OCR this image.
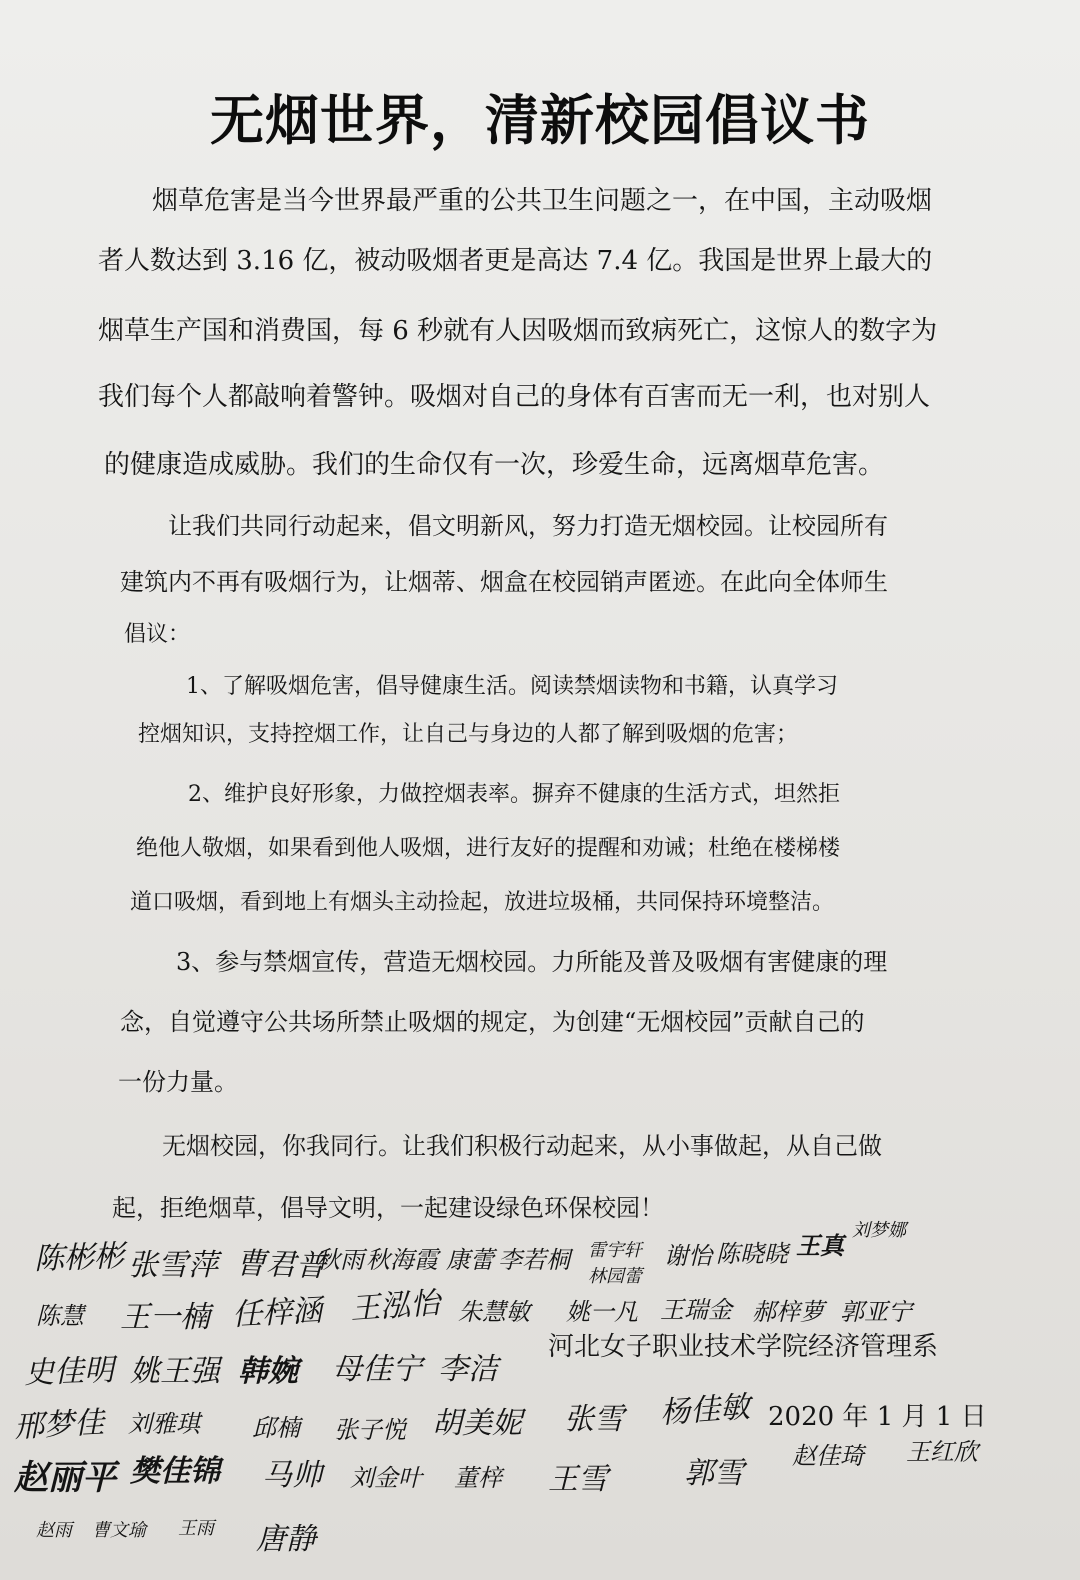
无烟世界，清新校园倡议书
烟草危害是当今世界最严重的公共卫生问题之一，在中国，主动吸烟
者人数达到 3.16 亿，被动吸烟者更是高达 7.4 亿。我国是世界上最大的
烟草生产国和消费国，每 6 秒就有人因吸烟而致病死亡，这惊人的数字为
我们每个人都敲响着警钟。吸烟对自己的身体有百害而无一利，也对别人
的健康造成威胁。我们的生命仅有一次，珍爱生命，远离烟草危害。
让我们共同行动起来，倡文明新风，努力打造无烟校园。让校园所有
建筑内不再有吸烟行为，让烟蒂、烟盒在校园销声匿迹。在此向全体师生
倡议：
1、了解吸烟危害，倡导健康生活。阅读禁烟读物和书籍，认真学习
控烟知识，支持控烟工作，让自己与身边的人都了解到吸烟的危害；
2、维护良好形象，力做控烟表率。摒弃不健康的生活方式，坦然拒
绝他人敬烟，如果看到他人吸烟，进行友好的提醒和劝诫；杜绝在楼梯楼
道口吸烟，看到地上有烟头主动捡起，放进垃圾桶，共同保持环境整洁。
3、参与禁烟宣传，营造无烟校园。力所能及普及吸烟有害健康的理
念，自觉遵守公共场所禁止吸烟的规定，为创建“无烟校园”贡献自己的
一份力量。
无烟校园，你我同行。让我们积极行动起来，从小事做起，从自己做
起，拒绝烟草，倡导文明，一起建设绿色环保校园！
河北女子职业技术学院经济管理系
2020 年 1 月 1 日
陈彬彬 张雪萍 曹君普
秋雨 秋海霞 康蕾 李若桐 雷宇轩
林园蕾
谢怡 陈晓晓 王真
刘梦娜
陈慧 王一楠 任梓涵 王泓怡 朱慧敏 姚一凡 王瑞金 郝梓萝 郭亚宁
史佳明 姚王强 韩婉 母佳宁 李洁
邢梦佳 刘雅琪 邱楠 张子悦 胡美妮 张雪 杨佳敏
赵丽平 樊佳锦 马帅 刘金叶 董梓 王雪	郭雪 赵佳琦 王红欣
赵雨 曹文瑜 王雨 唐静
